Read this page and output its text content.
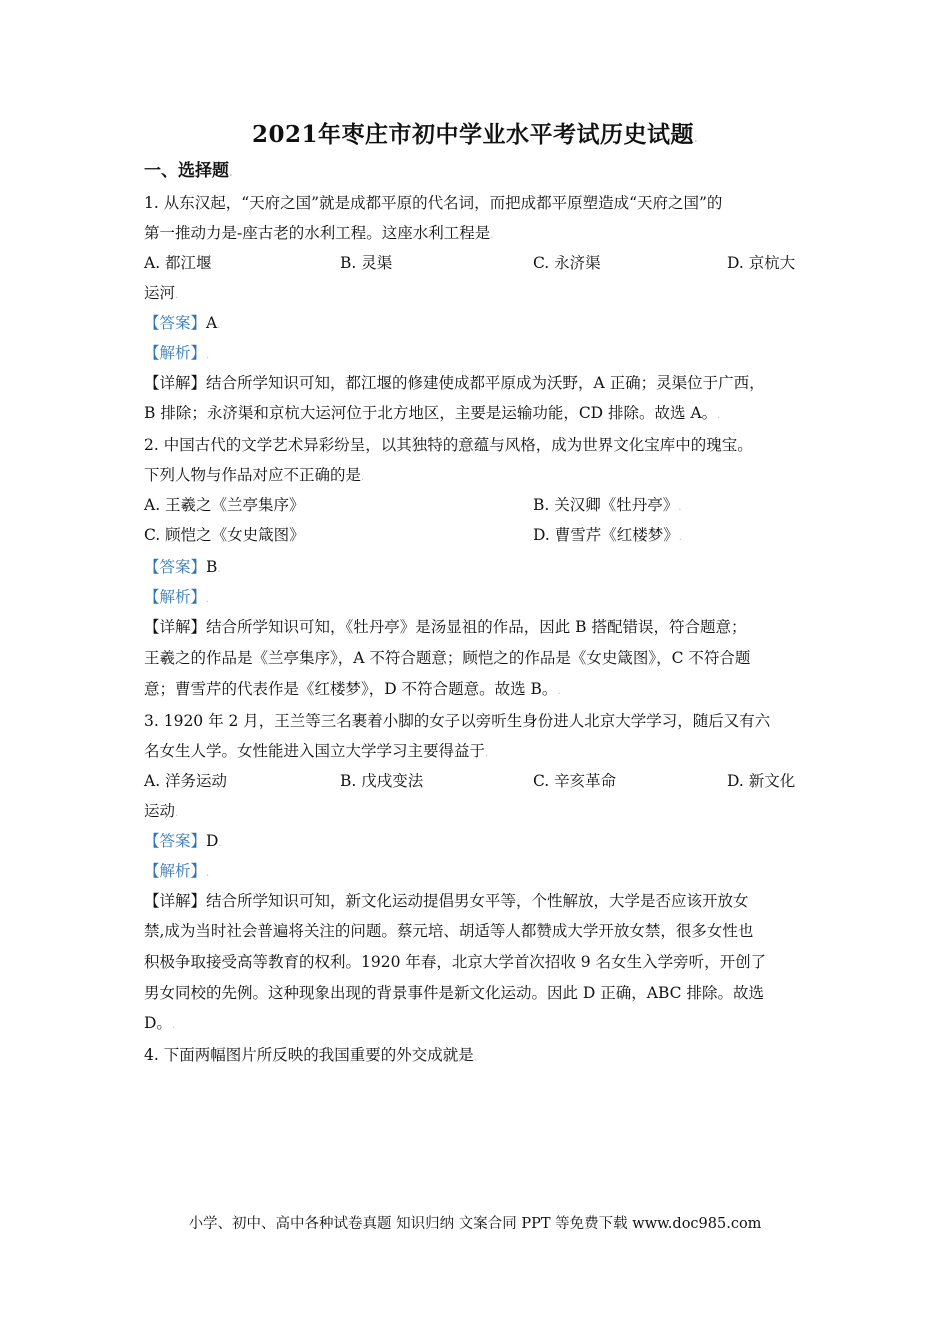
2021年枣庄市初中学业水平考试历史试题.
一、选择题.
1. 从东汉起，“天府之国”就是成都平原的代名词，而把成都平原塑造成“天府之国”的
第一推动力是-座古老的水利工程。这座水利工程是.
A. 都江堰	B. 灵渠	C. 永济渠	D. 京杭大
运河.
【答案】A.
【解析】.
【详解】结合所学知识可知，都江堰的修建使成都平原成为沃野，A 正确；灵渠位于广西，
B 排除；永济渠和京杭大运河位于北方地区，主要是运输功能，CD 排除。故选 A。.
2. 中国古代的文学艺术异彩纷呈，以其独特的意蕴与风格，成为世界文化宝库中的瑰宝。
下列人物与作品对应不正确的是.
A. 王羲之《兰亭集序》	B. 关汉卿《牡丹亭》.
C. 顾恺之《女史箴图》	D. 曹雪芹《红楼梦》.
【答案】B.
【解析】.
【详解】结合所学知识可知，《牡丹亭》是汤显祖的作品，因此 B 搭配错误，符合题意；
王羲之的作品是《兰亭集序》，A 不符合题意；顾恺之的作品是《女史箴图》，C 不符合题
意；曹雪芹的代表作是《红楼梦》，D 不符合题意。故选 B。.
3. 1920 年 2 月，王兰等三名裹着小脚的女子以旁听生身份进人北京大学学习，随后又有六
名女生人学。女性能进入国立大学学习主要得益于.
A. 洋务运动	B. 戊戌变法	C. 辛亥革命	D. 新文化
运动.
【答案】D.
【解析】.
【详解】结合所学知识可知，新文化运动提倡男女平等，个性解放，大学是否应该开放女
禁,成为当时社会普遍将关注的问题。蔡元培、胡适等人都赞成大学开放女禁，很多女性也
积极争取接受高等教育的权利。1920 年春，北京大学首次招收 9 名女生入学旁听，开创了
男女同校的先例。这种现象出现的背景事件是新文化运动。因此 D 正确，ABC 排除。故选
D。.
4. 下面两幅图片所反映的我国重要的外交成就是.
小学、初中、高中各种试卷真题 知识归纳 文案合同 PPT 等免费下载 www.doc985.com
